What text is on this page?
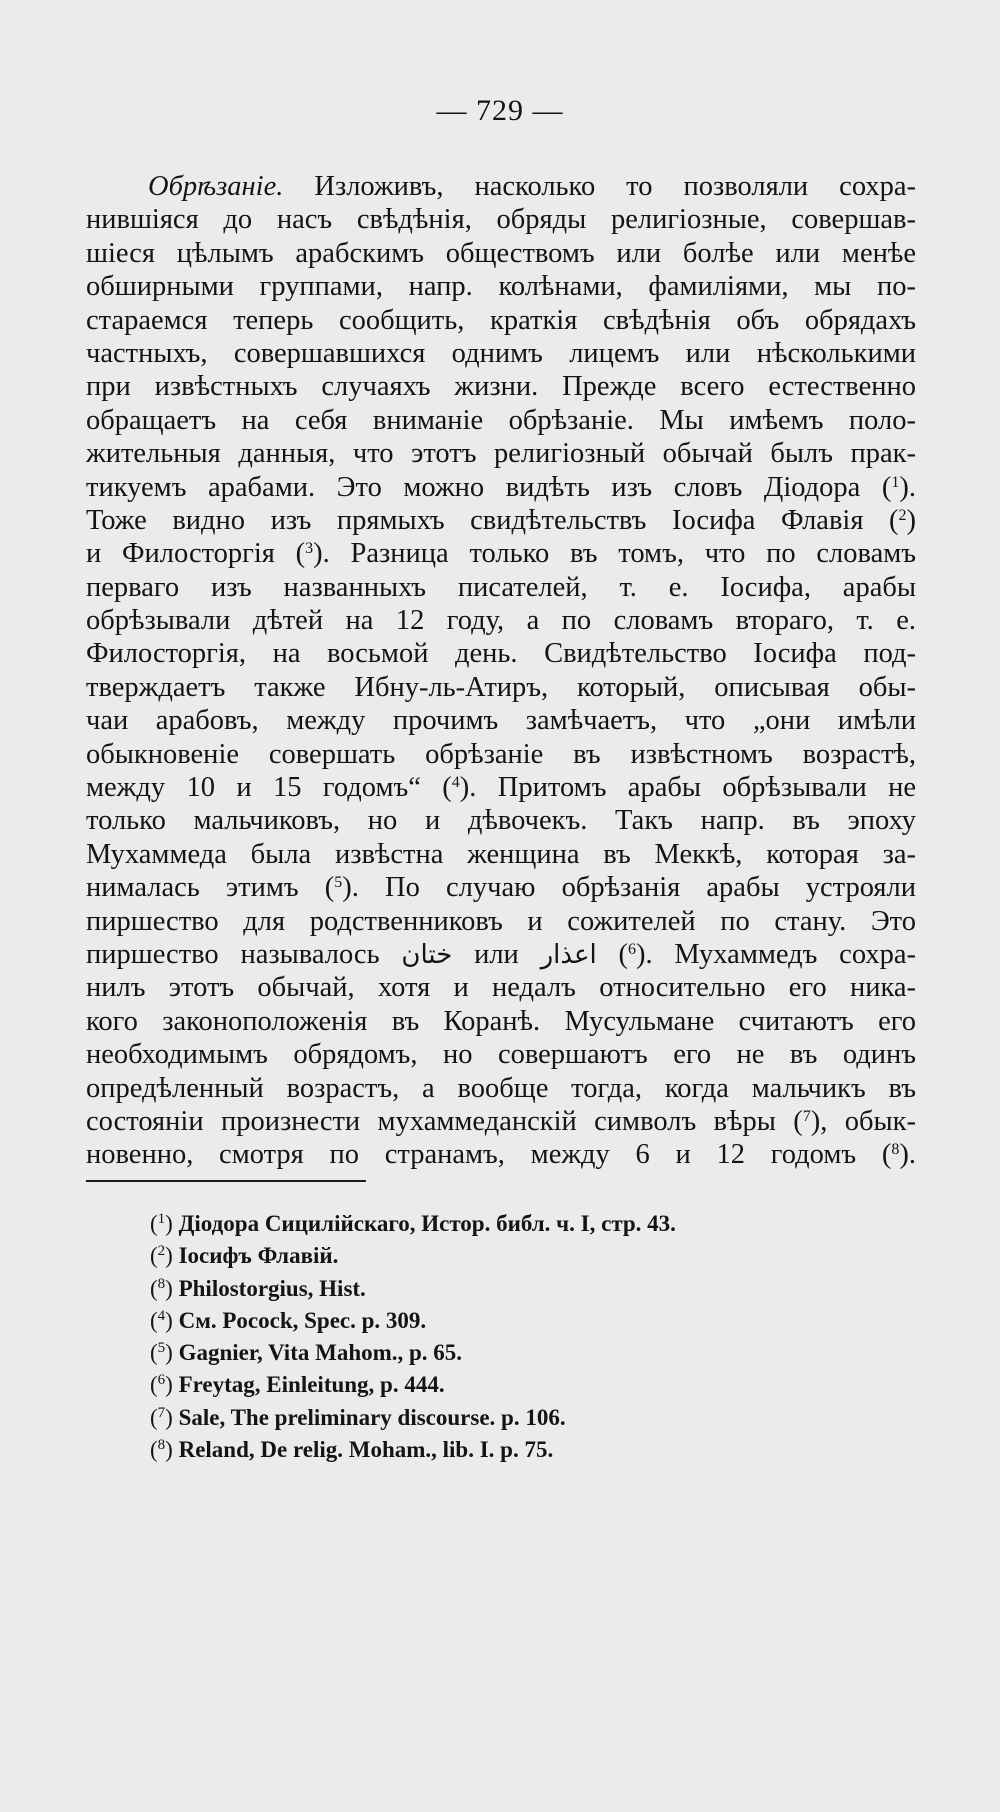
— 729 —
Обрѣзаніе. Изложивъ, насколько то позволяли сохра-
нившіяся до насъ свѣдѣнія, обряды религіозные, совершав-
шіеся цѣлымъ арабскимъ обществомъ или болѣе или менѣе
обширными группами, напр. колѣнами, фамиліями, мы по-
стараемся теперь сообщить, краткія свѣдѣнія объ обрядахъ
частныхъ, совершавшихся однимъ лицемъ или нѣсколькими
при извѣстныхъ случаяхъ жизни. Прежде всего естественно
обращаетъ на себя вниманіе обрѣзаніе. Мы имѣемъ поло-
жительныя данныя, что этотъ религіозный обычай былъ прак-
тикуемъ арабами. Это можно видѣть изъ словъ Діодора ($^1$).
Тоже видно изъ прямыхъ свидѣтельствъ Іосифа Флавія ($^2$)
и Филосторгія ($^3$). Разница только въ томъ, что по словамъ
перваго изъ названныхъ писателей, т. е. Іосифа, арабы
обрѣзывали дѣтей на 12 году, а по словамъ втораго, т. е.
Филосторгія, на восьмой день. Свидѣтельство Іосифа под-
тверждаетъ также Ибну-ль-Атиръ, который, описывая обы-
чаи арабовъ, между прочимъ замѣчаетъ, что „они имѣли
обыкновеніе совершать обрѣзаніе въ извѣстномъ возрастѣ,
между 10 и 15 годомъ“ ($^4$). Притомъ арабы обрѣзывали не
только мальчиковъ, но и дѣвочекъ. Такъ напр. въ эпоху
Мухаммеда была извѣстна женщина въ Меккѣ, которая за-
нималась этимъ ($^5$). По случаю обрѣзанія арабы устрояли
пиршество для родственниковъ и сожителей по стану. Это
пиршество называлось ختان или اعذار ($^6$). Мухаммедъ сохра-
нилъ этотъ обычай, хотя и недалъ относительно его ника-
кого законоположенія въ Коранѣ. Мусульмане считаютъ его
необходимымъ обрядомъ, но совершаютъ его не въ одинъ
опредѣленный возрастъ, а вообще тогда, когда мальчикъ въ
состояніи произнести мухаммеданскій символъ вѣры ($^7$), обык-
новенно, смотря по странамъ, между 6 и 12 годомъ ($^8$).
($^1$) Діодора Сицилійскаго, Истор. библ. ч. I, стр. 43.
($^2$) Іосифъ Флавій.
($^8$) Philostorgius, Hist.
($^4$) См. Pocock, Spec. p. 309.
($^5$) Gagnier, Vita Mahom., p. 65.
($^6$) Freytag, Einleitung, p. 444.
($^7$) Sale, The preliminary discourse. p. 106.
($^8$) Reland, De relig. Moham., lib. I. p. 75.
